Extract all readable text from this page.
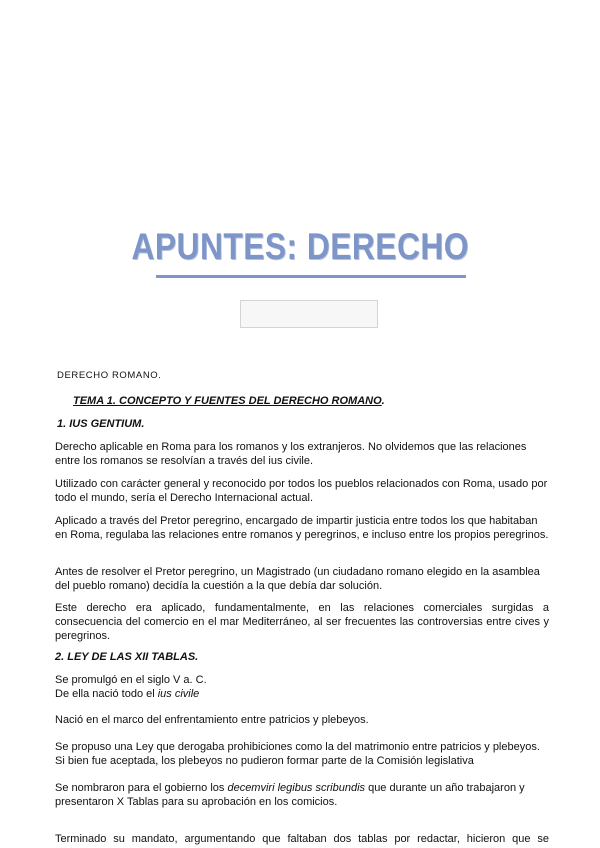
APUNTES: DERECHO
DERECHO ROMANO.
TEMA 1. CONCEPTO Y FUENTES DEL DERECHO ROMANO.
1. IUS GENTIUM.

Derecho aplicable en Roma para los romanos y los extranjeros. No olvidemos que las relaciones entre los romanos se resolvían a través del ius civile.

Utilizado con carácter general y reconocido por todos los pueblos relacionados con Roma, usado por todo el mundo, sería el Derecho Internacional actual.

Aplicado a través del Pretor peregrino, encargado de impartir justicia entre todos los que habitaban en Roma, regulaba las relaciones entre romanos y peregrinos, e incluso entre los propios peregrinos.

Antes de resolver el Pretor peregrino, un Magistrado (un ciudadano romano elegido en la asamblea del pueblo romano) decidía la cuestión a la que debía dar solución.

Este derecho era aplicado, fundamentalmente, en las relaciones comerciales surgidas a consecuencia del comercio en el mar Mediterráneo, al ser frecuentes las controversias entre cives y peregrinos.

2. LEY DE LAS XII TABLAS.

Se promulgó en el siglo V a. C.

De ella nació todo el ius civile

Nació en el marco del enfrentamiento entre patricios y plebeyos.

Se propuso una Ley que derogaba prohibiciones como la del matrimonio entre patricios y plebeyos.

Si bien fue aceptada, los plebeyos no pudieron formar parte de la Comisión legislativa

Se nombraron para el gobierno los decemviri legibus scribundis que durante un año trabajaron y presentaron X Tablas para su aprobación en los comicios.

Terminado su mandato, argumentando que faltaban dos tablas por redactar, hicieron que se
